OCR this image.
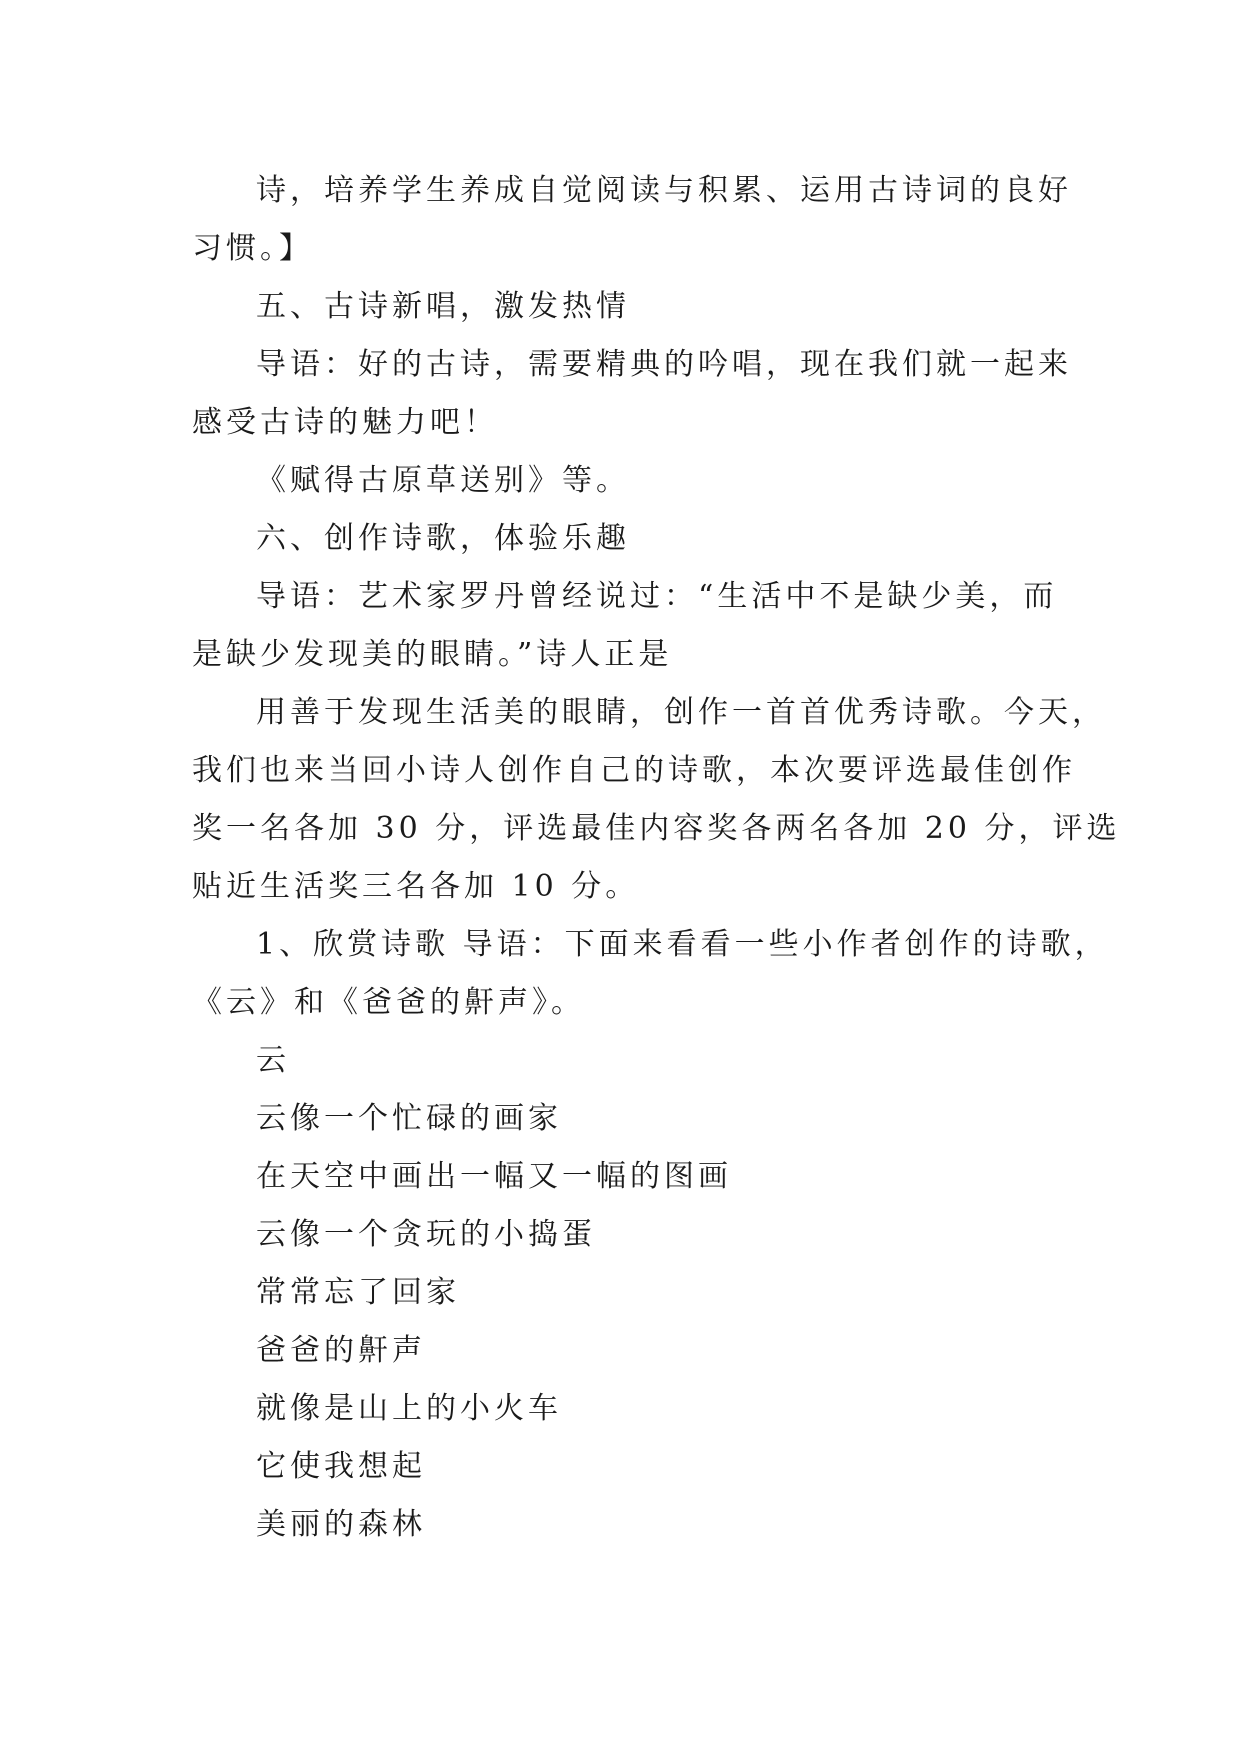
诗，培养学生养成自觉阅读与积累、运用古诗词的良好

习惯。】

五、古诗新唱，激发热情

导语：好的古诗，需要精典的吟唱，现在我们就一起来

感受古诗的魅力吧！

《赋得古原草送别》等。

六、创作诗歌，体验乐趣

导语：艺术家罗丹曾经说过：“生活中不是缺少美，而

是缺少发现美的眼睛。”诗人正是

用善于发现生活美的眼睛，创作一首首优秀诗歌。今天，

我们也来当回小诗人创作自己的诗歌，本次要评选最佳创作

奖一名各加 30 分，评选最佳内容奖各两名各加 20 分，评选

贴近生活奖三名各加 10 分。

1、欣赏诗歌 导语：下面来看看一些小作者创作的诗歌，

《云》和《爸爸的鼾声》。

云

云像一个忙碌的画家

在天空中画出一幅又一幅的图画

云像一个贪玩的小捣蛋

常常忘了回家

爸爸的鼾声

就像是山上的小火车

它使我想起

美丽的森林
